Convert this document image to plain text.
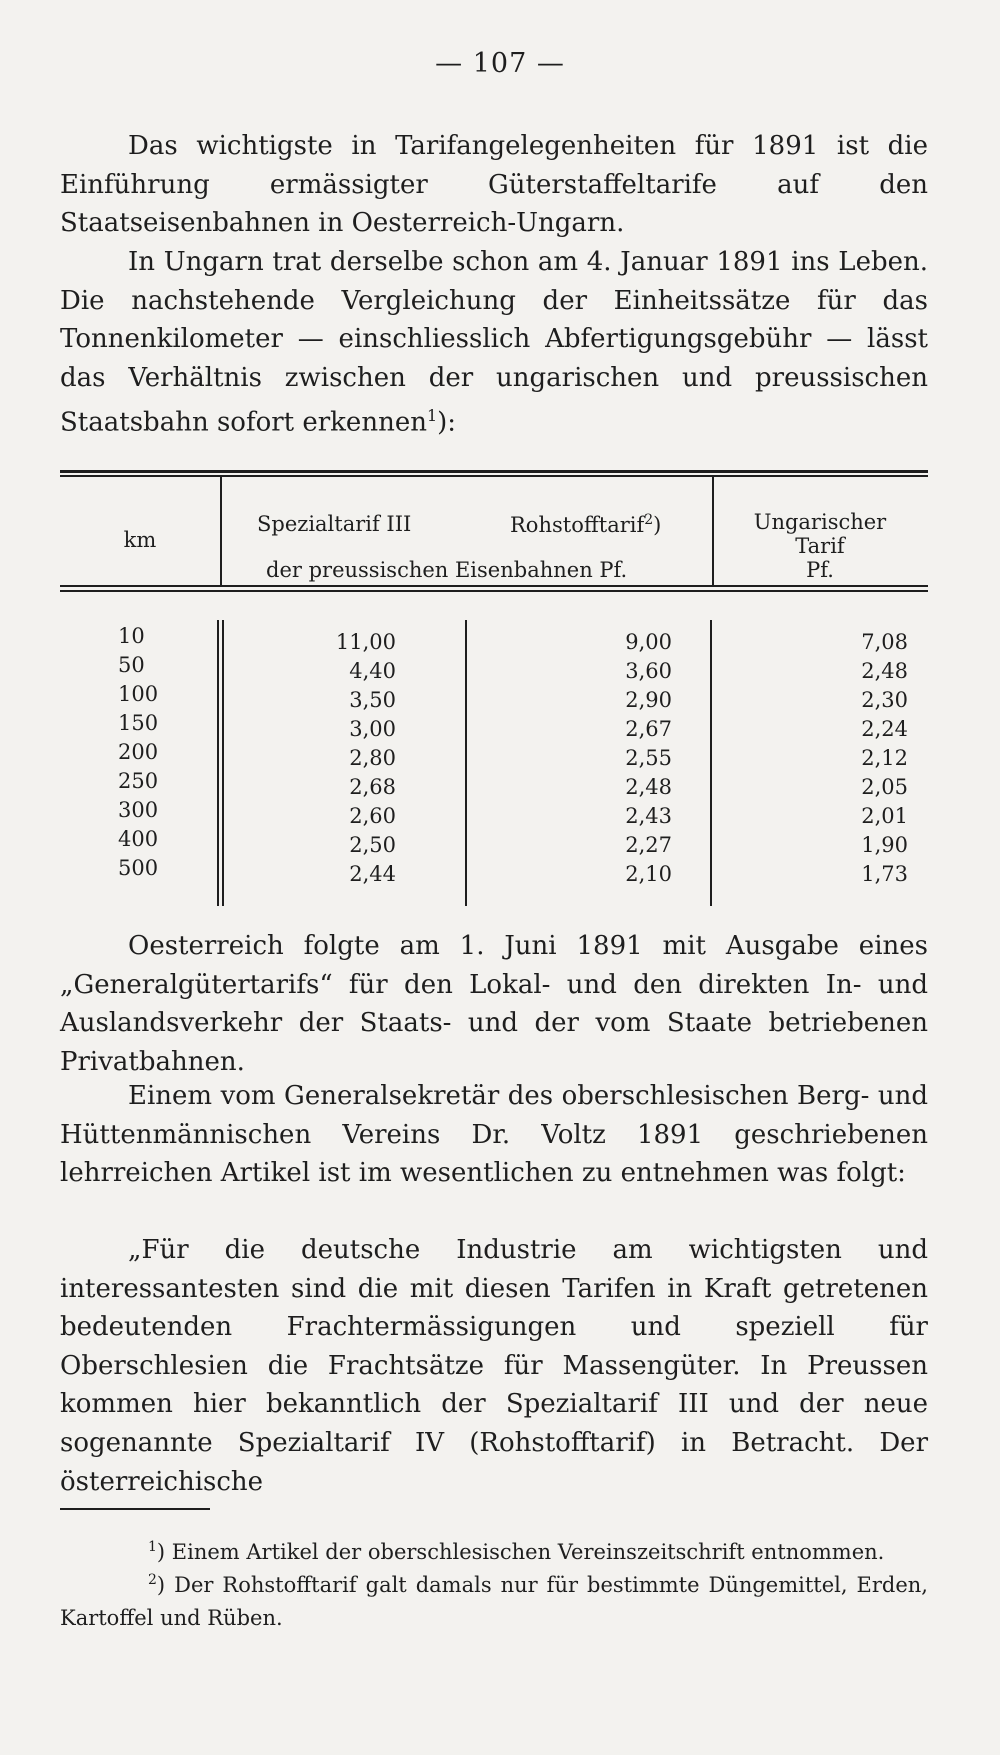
— 107 —

Das wichtigste in Tarifangelegenheiten für 1891 ist die Einführung ermässigter Güterstaffeltarife auf den Staatseisenbahnen in Oesterreich-Ungarn.

In Ungarn trat derselbe schon am 4. Januar 1891 ins Leben. Die nachstehende Vergleichung der Einheitssätze für das Tonnenkilometer — einschliesslich Abfertigungsgebühr — lässt das Verhältnis zwischen der ungarischen und preussischen Staatsbahn sofort erkennen$^1$):

km
Spezialtarif III	Rohstofftarif$^2$)
der preussischen Eisenbahnen Pf.
Ungarischer
Tarif
Pf.
10	11,00	9,00	7,08
50	4,40	3,60	2,48
100	3,50	2,90	2,30
150	3,00	2,67	2,24
200	2,80	2,55	2,12
250	2,68	2,48	2,05
300	2,60	2,43	2,01
400	2,50	2,27	1,90
500	2,44	2,10	1,73

Oesterreich folgte am 1. Juni 1891 mit Ausgabe eines „Generalgütertarifs“ für den Lokal- und den direkten In- und Auslandsverkehr der Staats- und der vom Staate betriebenen Privatbahnen.

Einem vom Generalsekretär des oberschlesischen Berg- und Hüttenmännischen Vereins Dr. Voltz 1891 geschriebenen lehrreichen Artikel ist im wesentlichen zu entnehmen was folgt:

„Für die deutsche Industrie am wichtigsten und interessantesten sind die mit diesen Tarifen in Kraft getretenen bedeutenden Frachtermässigungen und speziell für Oberschlesien die Frachtsätze für Massengüter. In Preussen kommen hier bekanntlich der Spezialtarif III und der neue sogenannte Spezialtarif IV (Rohstofftarif) in Betracht. Der österreichische

$^1$) Einem Artikel der oberschlesischen Vereinszeitschrift entnommen.

$^2$) Der Rohstofftarif galt damals nur für bestimmte Düngemittel, Erden, Kartoffel und Rüben.
